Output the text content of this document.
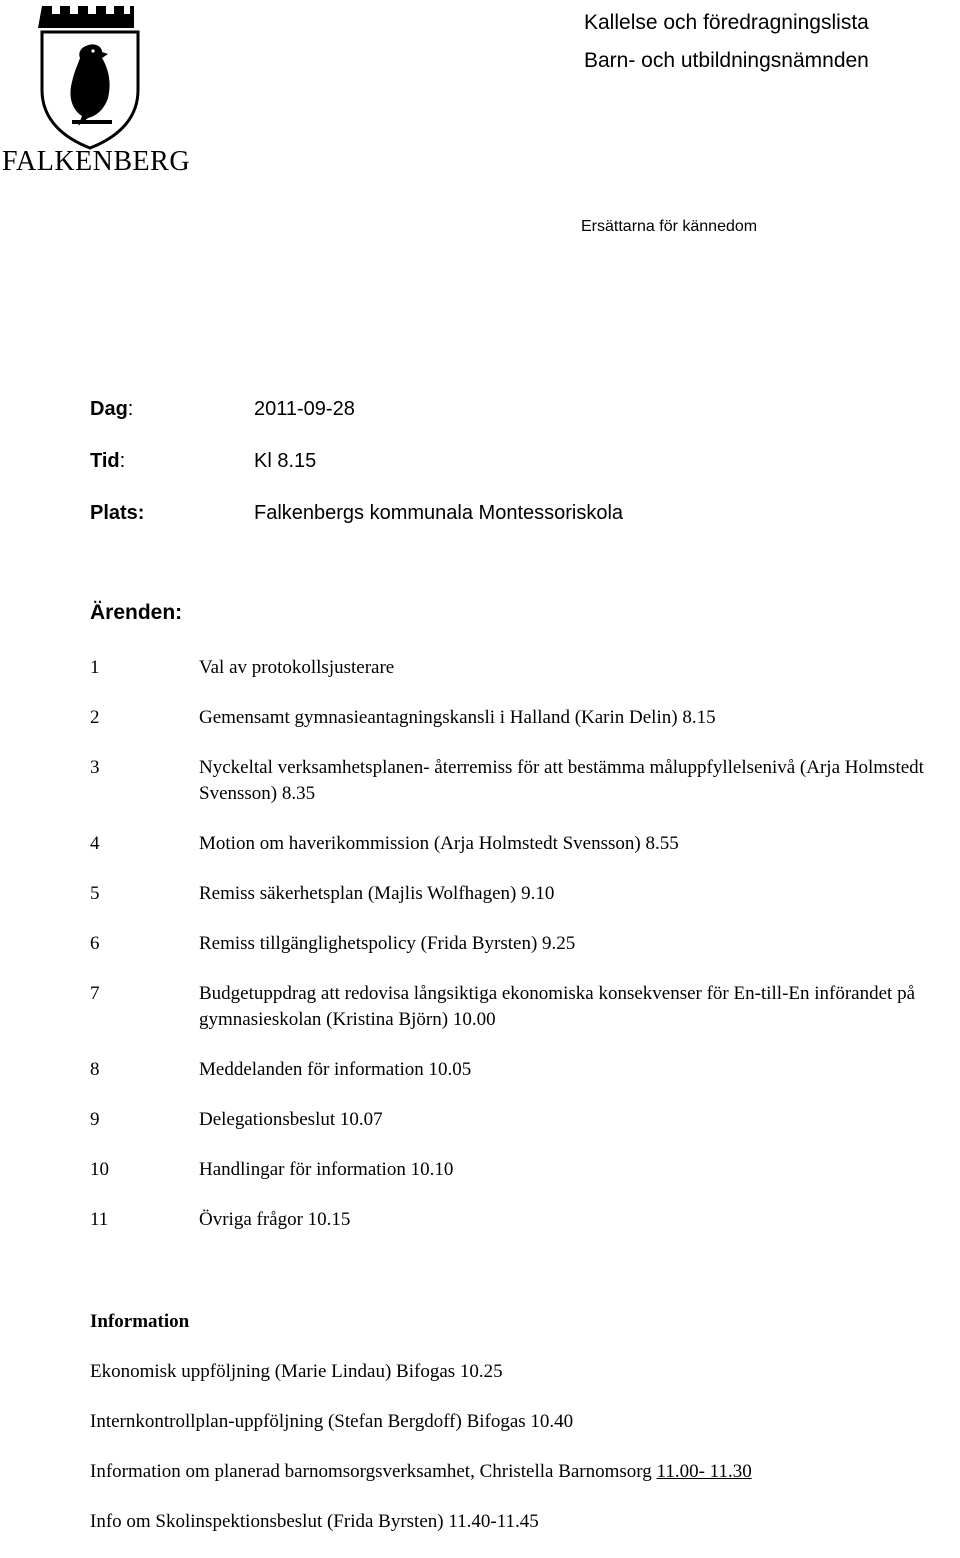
FALKENBERG
Kallelse och föredragningslista
Barn- och utbildningsnämnden
Ersättarna för kännedom
Dag:	2011-09-28
Tid:	Kl 8.15
Plats:	Falkenbergs kommunala Montessoriskola
Ärenden:
1	Val av protokollsjusterare
2	Gemensamt gymnasieantagningskansli i Halland (Karin Delin) 8.15
3	Nyckeltal verksamhetsplanen- återremiss för att bestämma måluppfyllelsenivå (Arja Holmstedt Svensson) 8.35
4	Motion om haverikommission (Arja Holmstedt Svensson) 8.55
5	Remiss säkerhetsplan (Majlis Wolfhagen) 9.10
6	Remiss tillgänglighetspolicy (Frida Byrsten) 9.25
7	Budgetuppdrag att redovisa långsiktiga ekonomiska konsekvenser för En-till-En införandet på gymnasieskolan (Kristina Björn) 10.00
8	Meddelanden för information 10.05
9	Delegationsbeslut 10.07
10	Handlingar för information 10.10
11	Övriga frågor 10.15
Information
Ekonomisk uppföljning (Marie Lindau) Bifogas 10.25
Internkontrollplan-uppföljning (Stefan Bergdoff) Bifogas 10.40
Information om planerad barnomsorgsverksamhet, Christella Barnomsorg 11.00- 11.30
Info om Skolinspektionsbeslut (Frida Byrsten) 11.40-11.45
